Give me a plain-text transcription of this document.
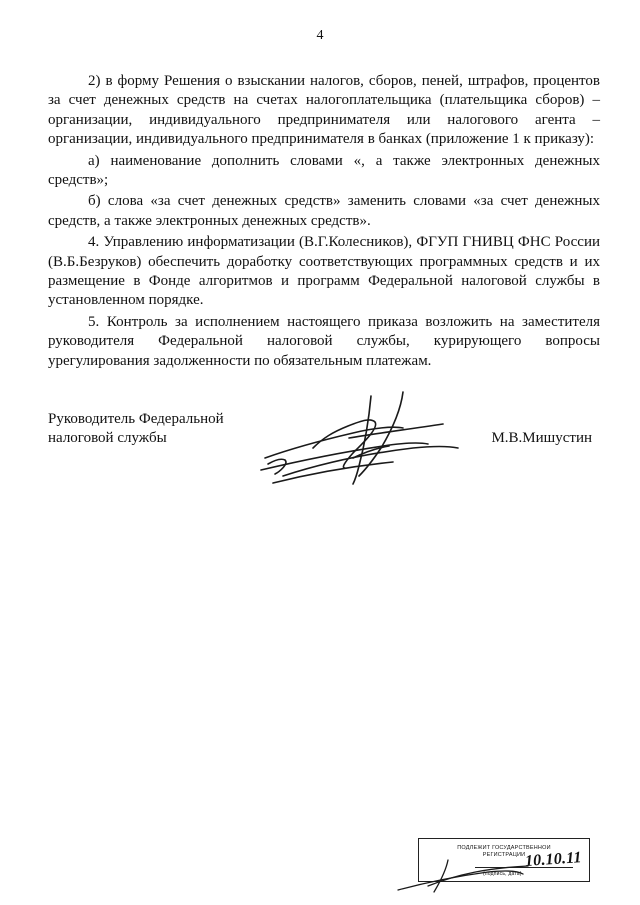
4

2) в форму Решения о взыскании налогов, сборов, пеней, штрафов, процентов за счет денежных средств на счетах налогоплательщика (плательщика сборов) – организации, индивидуального предпринимателя или налогового агента – организации, индивидуального предпринимателя в банках (приложение 1 к приказу):

а) наименование дополнить словами «, а также электронных денежных средств»;

б) слова «за счет денежных средств» заменить словами «за счет денежных средств, а также электронных денежных средств».

4. Управлению информатизации (В.Г.Колесников), ФГУП ГНИВЦ ФНС России (В.Б.Безруков) обеспечить доработку соответствующих программных средств и их размещение в Фонде алгоритмов и программ Федеральной налоговой службы в установленном порядке.

5. Контроль за исполнением настоящего приказа возложить на заместителя руководителя Федеральной налоговой службы, курирующего вопросы урегулирования задолженности по обязательным платежам.

Руководитель Федеральной
налоговой службы	М.В.Мишустин
ПОДЛЕЖИТ ГОСУДАРСТВЕННОЙ
РЕГИСТРАЦИИ 10.10.11
(подпись, дата)
